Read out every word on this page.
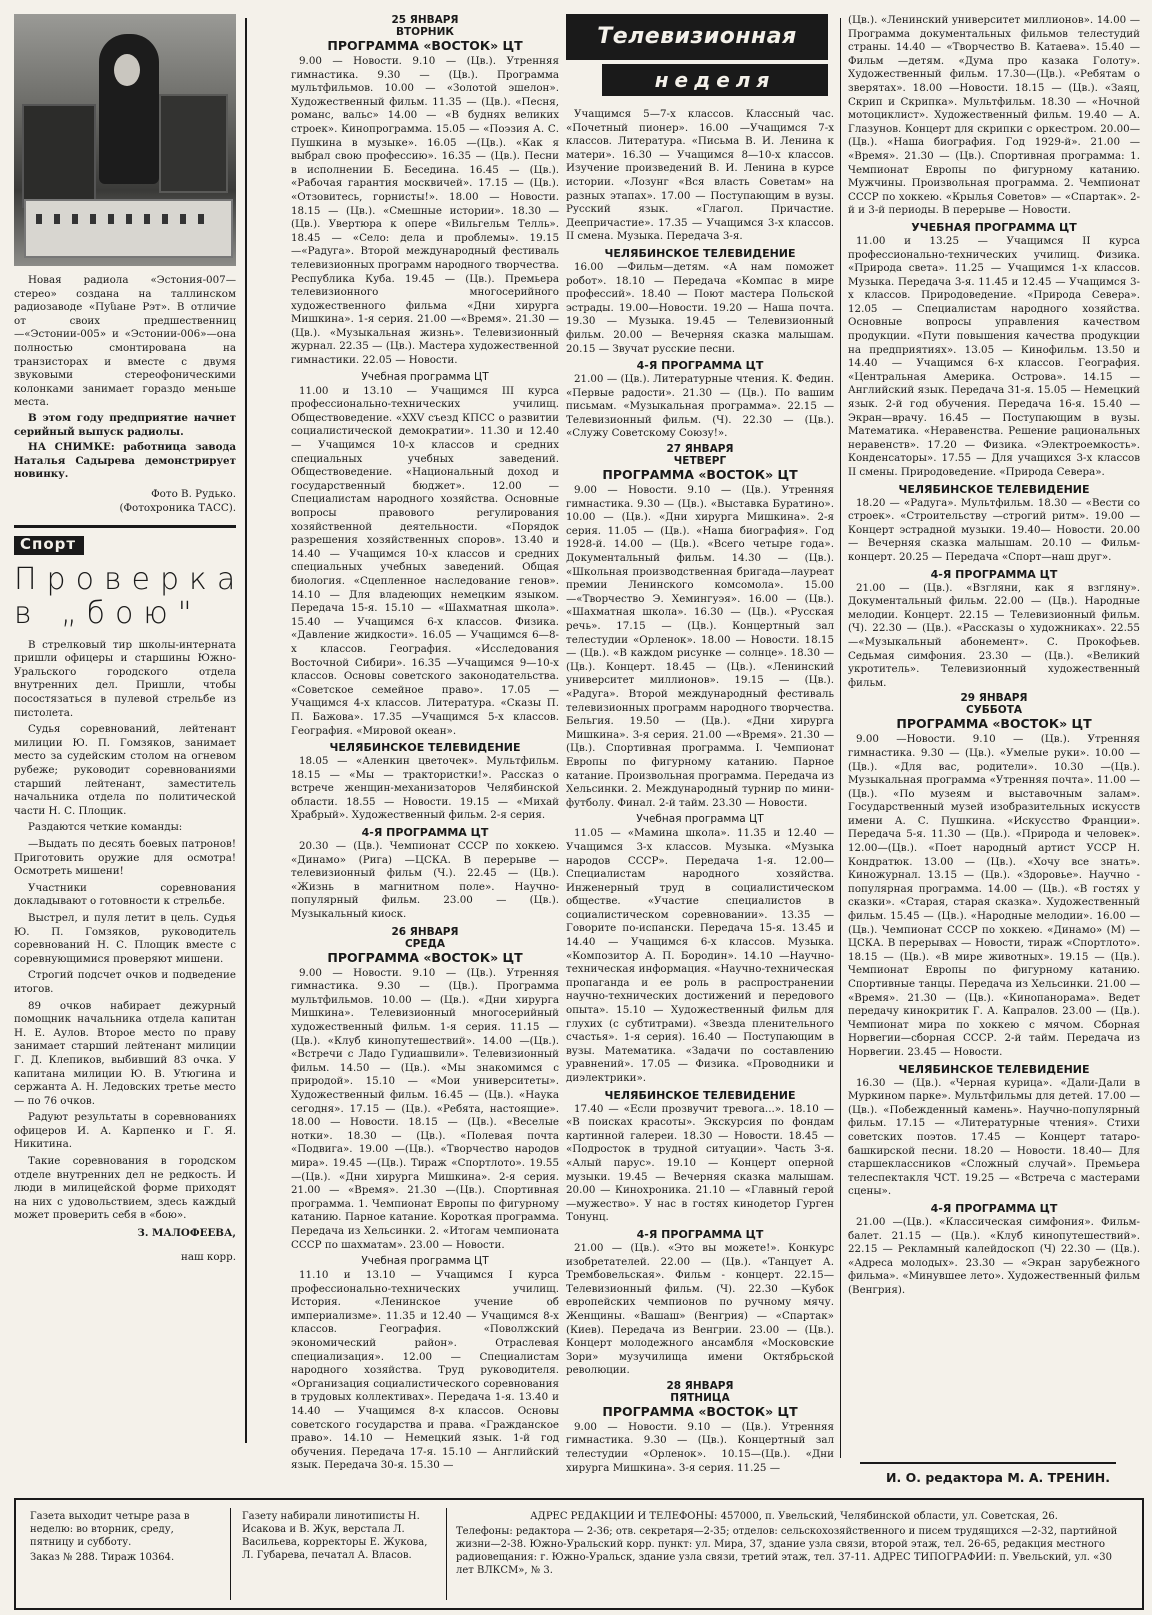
Новая радиола «Эстония-007—стерео» создана на таллинском радиозаводе «Пуնане Рэт». В отличие от своих предшественниц—«Эстонии-005» и «Эстонии-006»—она полностью смонтирована на транзисторах и вместе с двумя звуковыми стереофоническими колонками занимает гораздо меньше места.

В этом году предприятие начнет серийный выпуск радиолы.

НА СНИМКЕ: работница завода Наталья Садырева демонстрирует новинку.

Фото В. Рудько.

(Фотохроника ТАСС).

Спорт
Проверка в „бою"

В стрелковый тир школы-интерната пришли офицеры и старшины Южно-Уральского городского отдела внутренних дел. Пришли, чтобы посостязаться в пулевой стрельбе из пистолета.

Судья соревнований, лейтенант милиции Ю. П. Гомзяков, занимает место за судейским столом на огневом рубеже; руководит соревнованиями старший лейтенант, заместитель начальника отдела по политической части Н. С. Площик.

Раздаются четкие команды:

—Выдать по десять боевых патронов! Приготовить оружие для осмотра! Осмотреть мишени!

Участники соревнования докладывают о готовности к стрельбе.

Выстрел, и пуля летит в цель. Судья Ю. П. Гомзяков, руководитель соревнований Н. С. Площик вместе с соревнующимися проверяют мишени.

Строгий подсчет очков и подведение итогов.

89 очков набирает дежурный помощник начальника отдела капитан Н. Е. Аулов. Второе место по праву занимает старший лейтенант милиции Г. Д. Клепиков, выбивший 83 очка. У капитана милиции Ю. В. Утюгина и сержанта А. Н. Ледовских третье место — по 76 очков.

Радуют результаты в соревнованиях офицеров И. А. Карпенко и Г. Я. Никитина.

Такие соревнования в городском отделе внутренних дел не редкость. И люди в милицейской форме приходят на них с удовольствием, здесь каждый может проверить себя в «бою».

З. МАЛОФЕЕВА,

наш корр.

25 ЯНВАРЯ
ВТОРНИК
ПРОГРАММА «ВОСТОК» ЦТ

9.00 — Новости. 9.10 — (Цв.). Утренняя гимнастика. 9.30 — (Цв.). Программа мультфильмов. 10.00 — «Золотой эшелон». Художественный фильм. 11.35 — (Цв.). «Песня, романс, вальс» 14.00 — «В буднях великих строек». Кинопрограмма. 15.05 — «Поэзия А. С. Пушкина в музыке». 16.05 —(Цв.). «Как я выбрал свою профессию». 16.35 — (Цв.). Песни в исполнении Б. Беседина. 16.45 — (Цв.). «Рабочая гарантия москвичей». 17.15 — (Цв.). «Отзовитесь, горнисты!». 18.00 — Новости. 18.15 — (Цв.). «Смешные истории». 18.30 — (Цв.). Увертюра к опере «Вильгельм Телль». 18.45 — «Село: дела и проблемы». 19.15 —«Радуга». Второй международный фестиваль телевизионных программ народного творчества. Республика Куба. 19.45 — (Цв.). Премьера телевизионного многосерийного художественного фильма «Дни хирурга Мишкина». 1-я серия. 21.00 —«Время». 21.30 — (Цв.). «Музыкальная жизнь». Телевизионный журнал. 22.35 — (Цв.). Мастера художественной гимнастики. 22.05 — Новости.

Учебная программа ЦТ

11.00 и 13.10 — Учащимся III курса профессионально-технических училищ. Обществоведение. «XXV съезд КПСС о развитии социалистической демократии». 11.30 и 12.40 — Учащимся 10-х классов и средних специальных учебных заведений. Обществоведение. «Национальный доход и государственный бюджет». 12.00 — Специалистам народного хозяйства. Основные вопросы правового регулирования хозяйственной деятельности. «Порядок разрешения хозяйственных споров». 13.40 и 14.40 — Учащимся 10-х классов и средних специальных учебных заведений. Общая биология. «Сцепленное наследование генов». 14.10 — Для владеющих немецким языком. Передача 15-я. 15.10 — «Шахматная школа». 15.40 — Учащимся 6-х классов. Физика. «Давление жидкости». 16.05 — Учащимся 6—8-х классов. География. «Исследования Восточной Сибири». 16.35 —Учащимся 9—10-х классов. Основы советского законодательства. «Советское семейное право». 17.05 — Учащимся 4-х классов. Литература. «Сказы П. П. Бажова». 17.35 —Учащимся 5-х классов. География. «Мировой океан».

ЧЕЛЯБИНСКОЕ ТЕЛЕВИДЕНИЕ

18.05 — «Аленкин цветочек». Мультфильм. 18.15 — «Мы — трактористки!». Рассказ о встрече женщин-механизаторов Челябинской области. 18.55 — Новости. 19.15 — «Михай Храбрый». Художественный фильм. 2-я серия.

4-Я ПРОГРАММА ЦТ

20.30 — (Цв.). Чемпионат СССР по хоккею. «Динамо» (Рига) —ЦСКА. В перерыве —телевизионный фильм (Ч.). 22.45 — (Цв.). «Жизнь в магнитном поле». Научно-популярный фильм. 23.00 — (Цв.). Музыкальный киоск.

26 ЯНВАРЯ
СРЕДА
ПРОГРАММА «ВОСТОК» ЦТ

9.00 — Новости. 9.10 — (Цв.). Утренняя гимнастика. 9.30 — (Цв.). Программа мультфильмов. 10.00 — (Цв.). «Дни хирурга Мишкина». Телевизионный многосерийный художественный фильм. 1-я серия. 11.15 — (Цв.). «Клуб кинопутешествий». 14.00 —(Цв.). «Встречи с Ладо Гудиашвили». Телевизионный фильм. 14.50 — (Цв.). «Мы знакомимся с природой». 15.10 — «Мои университеты». Художественный фильм. 16.45 — (Цв.). «Наука сегодня». 17.15 — (Цв.). «Ребята, настоящие». 18.00 — Новости. 18.15 — (Цв.). «Веселые нотки». 18.30 — (Цв.). «Полевая почта «Подвига». 19.00 —(Цв.). «Творчество народов мира». 19.45 —(Цв.). Тираж «Спортлото». 19.55 —(Цв.). «Дни хирурга Мишкина». 2-я серия. 21.00 — «Время». 21.30 —(Цв.). Спортивная программа. 1. Чемпионат Европы по фигурному катанию. Парное катание. Короткая программа. Передача из Хельсинки. 2. «Итогам чемпионата СССР по шахматам». 23.00 — Новости.

Учебная программа ЦТ

11.10 и 13.10 — Учащимся I курса профессионально-технических училищ. История. «Ленинское учение об империализме». 11.35 и 12.40 — Учащимся 8-х классов. География. «Поволжский экономический район». Отраслевая специализация». 12.00 — Специалистам народного хозяйства. Труд руководителя. «Организация социалистического соревнования в трудовых коллективах». Передача 1-я. 13.40 и 14.40 — Учащимся 8-х классов. Основы советского государства и права. «Гражданское право». 14.10 — Немецкий язык. 1-й год обучения. Передача 17-я. 15.10 — Английский язык. Передача 30-я. 15.30 —

Телевизионная
неделя

Учащимся 5—7-х классов. Классный час. «Почетный пионер». 16.00 —Учащимся 7-х классов. Литература. «Письма В. И. Ленина к матери». 16.30 — Учащимся 8—10-х классов. Изучение произведений В. И. Ленина в курсе истории. «Лозунг «Вся власть Советам» на разных этапах». 17.00 — Поступающим в вузы. Русский язык. «Глагол. Причастие. Деепричастие». 17.35 — Учащимся 3-х классов. II смена. Музыка. Передача 3-я.

ЧЕЛЯБИНСКОЕ ТЕЛЕВИДЕНИЕ

16.00 —Фильм—детям. «А нам поможет робот». 18.10 — Передача «Компас в мире профессий». 18.40 — Поют мастера Польской эстрады. 19.00—Новости. 19.20 — Наша почта. 19.30 — Музыка. 19.45 — Телевизионный фильм. 20.00 — Вечерняя сказка малышам. 20.15 — Звучат русские песни.

4-Я ПРОГРАММА ЦТ

21.00 — (Цв.). Литературные чтения. К. Федин. «Первые радости». 21.30 — (Цв.). По вашим письмам. «Музыкальная программа». 22.15 — Телевизионный фильм. (Ч). 22.30 — (Цв.). «Служу Советскому Союзу!».

27 ЯНВАРЯ
ЧЕТВЕРГ
ПРОГРАММА «ВОСТОК» ЦТ

9.00 — Новости. 9.10 — (Цв.). Утренняя гимнастика. 9.30 — (Цв.). «Выставка Буратино». 10.00 — (Цв.). «Дни хирурга Мишкина». 2-я серия. 11.05 — (Цв.). «Наша биография». Год 1928-й. 14.00 — (Цв.). «Всего четыре года». Документальный фильм. 14.30 — (Цв.). «Школьная производственная бригада—лауреат премии Ленинского комсомола». 15.00 —«Творчество Э. Хемингуэя». 16.00 — (Цв.). «Шахматная школа». 16.30 — (Цв.). «Русская речь». 17.15 — (Цв.). Концертный зал телестудии «Орленок». 18.00 — Новости. 18.15 — (Цв.). «В каждом рисунке — солнце». 18.30 — (Цв.). Концерт. 18.45 — (Цв.). «Ленинский университет миллионов». 19.15 — (Цв.). «Радуга». Второй международный фестиваль телевизионных программ народного творчества. Бельгия. 19.50 — (Цв.). «Дни хирурга Мишкина». 3-я серия. 21.00 —«Время». 21.30 — (Цв.). Спортивная программа. I. Чемпионат Европы по фигурному катанию. Парное катание. Произвольная программа. Передача из Хельсинки. 2. Международный турнир по мини-футболу. Финал. 2-й тайм. 23.30 — Новости.

Учебная программа ЦТ

11.05 — «Мамина школа». 11.35 и 12.40 —Учащимся 3-х классов. Музыка. «Музыка народов СССР». Передача 1-я. 12.00— Специалистам народного хозяйства. Инженерный труд в социалистическом обществе. «Участие специалистов в социалистическом соревновании». 13.35 — Говорите по-испански. Передача 15-я. 13.45 и 14.40 — Учащимся 6-х классов. Музыка. «Композитор А. П. Бородин». 14.10 —Научно-техническая информация. «Научно-техническая пропаганда и ее роль в распространении научно-технических достижений и передового опыта». 15.10 — Художественный фильм для глухих (с субтитрами). «Звезда пленительного счастья». 1-я серия). 16.40 — Поступающим в вузы. Математика. «Задачи по составлению уравнений». 17.05 — Физика. «Проводники и диэлектрики».

ЧЕЛЯБИНСКОЕ ТЕЛЕВИДЕНИЕ

17.40 — «Если прозвучит тревога...». 18.10 — «В поисках красоты». Экскурсия по фондам картинной галереи. 18.30 — Новости. 18.45 — «Подросток в трудной ситуации». Часть 3-я. «Алый парус». 19.10 — Концерт оперной музыки. 19.45 — Вечерняя сказка малышам. 20.00 — Кинохроника. 21.10 — «Главный герой—мужество». У нас в гостях кинодетор Гурген Тонунц.

4-Я ПРОГРАММА ЦТ

21.00 — (Цв.). «Это вы можете!». Конкурс изобретателей. 22.00 — (Цв.). «Танцует А. Трембовельская». Фильм - концерт. 22.15— Телевизионный фильм. (Ч). 22.30 —Кубок европейских чемпионов по ручному мячу. Женщины. «Вашаш» (Венгрия) — «Спартак» (Киев). Передача из Венгрии. 23.00 — (Цв.). Концерт молодежного ансамбля «Московские Зори» музучилища имени Октябрьской революции.

28 ЯНВАРЯ
ПЯТНИЦА
ПРОГРАММА «ВОСТОК» ЦТ

9.00 — Новости. 9.10 — (Цв.). Утренняя гимнастика. 9.30 — (Цв.). Концертный зал телестудии «Орленок». 10.15—(Цв.). «Дни хирурга Мишкина». 3-я серия. 11.25 —

(Цв.). «Ленинский университет миллионов». 14.00 — Программа документальных фильмов телестудий страны. 14.40 — «Творчество В. Катаева». 15.40 — Фильм —детям. «Дума про казака Голоту». Художественный фильм. 17.30—(Цв.). «Ребятам о зверятах». 18.00 —Новости. 18.15 — (Цв.). «Заяц, Скрип и Скрипка». Мультфильм. 18.30 — «Ночной мотоциклист». Художественный фильм. 19.40 — А. Глазунов. Концерт для скрипки с оркестром. 20.00—(Цв.). «Наша биография. Год 1929-й». 21.00 — «Время». 21.30 — (Цв.). Спортивная программа: 1. Чемпионат Европы по фигурному катанию. Мужчины. Произвольная программа. 2. Чемпионат СССР по хоккею. «Крылья Советов» — «Спартак». 2-й и 3-й периоды. В перерыве — Новости.

УЧЕБНАЯ ПРОГРАММА ЦТ

11.00 и 13.25 — Учащимся II курса профессионально-технических училищ. Физика. «Природа света». 11.25 — Учащимся 1-х классов. Музыка. Передача 3-я. 11.45 и 12.45 — Учащимся 3-х классов. Природоведение. «Природа Севера». 12.05 — Специалистам народного хозяйства. Основные вопросы управления качеством продукции. «Пути повышения качества продукции на предприятиях». 13.05 — Кинофильм. 13.50 и 14.40 — Учащимся 6-х классов. География. «Центральная Америка. Острова». 14.15 — Английский язык. Передача 31-я. 15.05 — Немецкий язык. 2-й год обучения. Передача 16-я. 15.40 — Экран—врачу. 16.45 — Поступающим в вузы. Математика. «Неравенства. Решение рациональных неравенств». 17.20 — Физика. «Электроемкость». Конденсаторы». 17.55 — Для учащихся 3-х классов II смены. Природоведение. «Природа Севера».

ЧЕЛЯБИНСКОЕ ТЕЛЕВИДЕНИЕ

18.20 — «Радуга». Мультфильм. 18.30 — «Вести со строек». «Строительству —строгий ритм». 19.00 — Концерт эстрадной музыки. 19.40— Новости. 20.00 — Вечерняя сказка малышам. 20.10 — Фильм-концерт. 20.25 — Передача «Спорт—наш друг».

4-Я ПРОГРАММА ЦТ

21.00 — (Цв.). «Взгляни, как я взгляну». Документальный фильм. 22.00 — (Цв.). Народные мелодии. Концерт. 22.15 — Телевизионный фильм. (Ч). 22.30 — (Цв.). «Рассказы о художниках». 22.55—«Музыкальный абонемент». С. Прокофьев. Седьмая симфония. 23.30 — (Цв.). «Великий укротитель». Телевизионный художественный фильм.

29 ЯНВАРЯ
СУББОТА
ПРОГРАММА «ВОСТОК» ЦТ

9.00 —Новости. 9.10 — (Цв.). Утренняя гимнастика. 9.30 — (Цв.). «Умелые руки». 10.00 — (Цв.). «Для вас, родители». 10.30 —(Цв.). Музыкальная программа «Утренняя почта». 11.00 — (Цв.). «По музеям и выставочным залам». Государственный музей изобразительных искусств имени А. С. Пушкина. «Искусство Франции». Передача 5-я. 11.30 — (Цв.). «Природа и человек». 12.00—(Цв.). «Поет народный артист УССР Н. Кондратюк. 13.00 — (Цв.). «Хочу все знать». Киножурнал. 13.15 — (Цв.). «Здоровье». Научно - популярная программа. 14.00 — (Цв.). «В гостях у сказки». «Старая, старая сказка». Художественный фильм. 15.45 — (Цв.). «Народные мелодии». 16.00 — (Цв.). Чемпионат СССР по хоккею. «Динамо» (М) —ЦСКА. В перерывах — Новости, тираж «Спортлото». 18.15 — (Цв.). «В мире животных». 19.15 — (Цв.). Чемпионат Европы по фигурному катанию. Спортивные танцы. Передача из Хельсинки. 21.00 — «Время». 21.30 — (Цв.). «Кинопанорама». Ведет передачу кинокритик Г. А. Капралов. 23.00 — (Цв.). Чемпионат мира по хоккею с мячом. Сборная Норвегии—сборная СССР. 2-й тайм. Передача из Норвегии. 23.45 — Новости.

ЧЕЛЯБИНСКОЕ ТЕЛЕВИДЕНИЕ

16.30 — (Цв.). «Черная курица». «Дали-Дали в Муркином парке». Мультфильмы для детей. 17.00 — (Цв.). «Побежденный камень». Научно-популярный фильм. 17.15 — «Литературные чтения». Стихи советских поэтов. 17.45 — Концерт татаро-башкирской песни. 18.20 — Новости. 18.40— Для старшеклассников «Сложный случай». Премьера телеспектакля ЧСТ. 19.25 — «Встреча с мастерами сцены».

4-Я ПРОГРАММА ЦТ

21.00 —(Цв.). «Классическая симфония». Фильм-балет. 21.15 — (Цв.). «Клуб кинопутешествий». 22.15 — Рекламный калейдоскоп (Ч) 22.30 — (Цв.). «Адреса молодых». 23.30 — «Экран зарубежного фильма». «Минувшее лето». Художественный фильм (Венгрия).

И. О. редактора М. А. ТРЕНИН.

Газета выходит четыре раза в неделю: во вторник, среду, пятницу и субботу.

Заказ № 288. Тираж 10364.

Газету набирали линотиписты Н. Исакова и В. Жук, верстала Л. Васильева, корректоры Е. Жукова, Л. Губарева, печатал А. Власов.

АДРЕС РЕДАКЦИИ И ТЕЛЕФОНЫ: 457000, п. Увельский, Челябинской области, ул. Советская, 26.

Телефоны: редактора — 2-36; отв. секретаря—2-35; отделов: сельскохозяйственного и писем трудящихся —2-32, партийной жизни—2-38. Южно-Уральский корр. пункт: ул. Мира, 37, здание узла связи, второй этаж, тел. 26-65, редакция местного радиовещания: г. Южно-Уральск, здание узла связи, третий этаж, тел. 37-11. АДРЕС ТИПОГРАФИИ: п. Увельский, ул. «30 лет ВЛКСМ», № 3.
